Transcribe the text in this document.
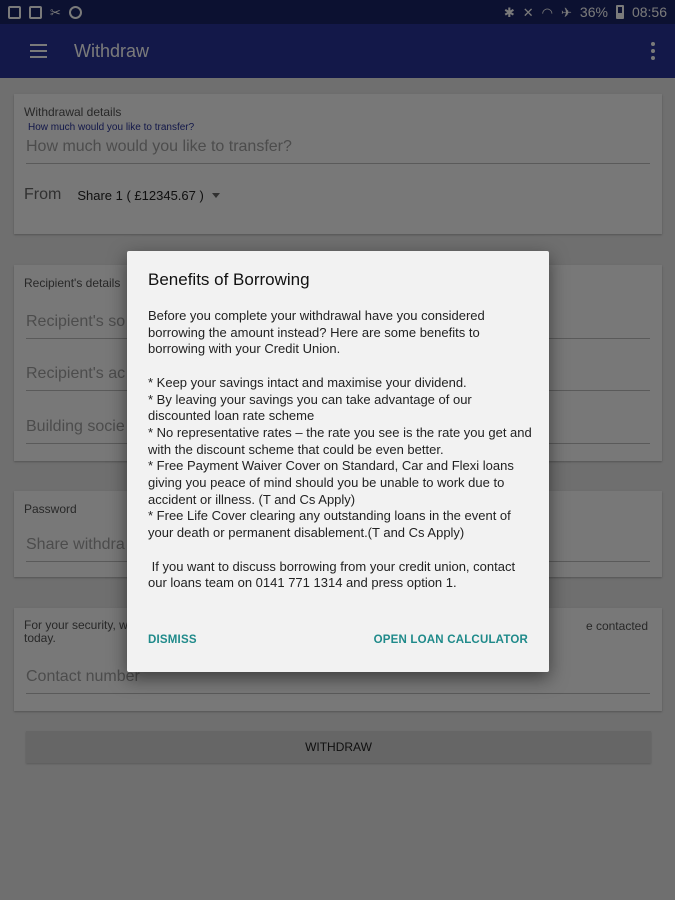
How much would you like to transfer?
Recipient's so
Recipient's ac
Building socie
Share withdra

Contact number
Benefits of Borrowing

Before you complete your withdrawal have you considered borrowing the amount instead? Here are some benefits to borrowing with your Credit Union.

* Keep your savings intact and maximise your dividend.

* By leaving your savings you can take advantage of our discounted loan rate scheme

* No representative rates – the rate you see is the rate you get and with the discount scheme that could be even better.

* Free Payment Waiver Cover on Standard, Car and Flexi loans giving you peace of mind should you be unable to work due to accident or illness. (T and Cs Apply)

* Free Life Cover clearing any outstanding loans in the event of your death or permanent disablement.(T and Cs Apply)

If you want to discuss borrowing from your credit union, contact our loans team on 0141 771 1314 and press option 1.

DISMISS	OPEN LOAN CALCULATOR
